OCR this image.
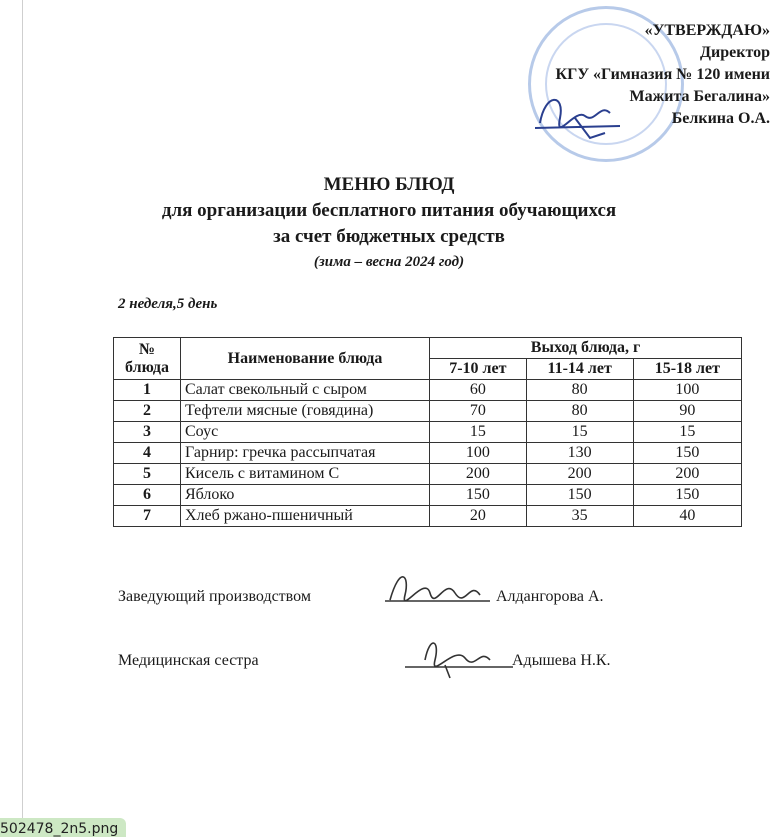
«УТВЕРЖДАЮ»
Директор
КГУ «Гимназия № 120 имени
Мажита Бегалина»
Белкина О.А.
МЕНЮ БЛЮД
для организации бесплатного питания обучающихся
за счет бюджетных средств
(зима – весна 2024 год)
2 неделя,5 день
№ блюда	Наименование блюда	Выход блюда, г		
		7-10 лет	11-14 лет	15-18 лет
1	Салат свекольный с сыром	60	80	100
2	Тефтели мясные (говядина)	70	80	90
3	Соус	15	15	15
4	Гарнир: гречка рассыпчатая	100	130	150
5	Кисель с витамином С	200	200	200
6	Яблоко	150	150	150
7	Хлеб ржано-пшеничный	20	35	40
Заведующий производством	Алдангорова А.
Медицинская сестра	Адышева Н.К.
502478_2n5.png
